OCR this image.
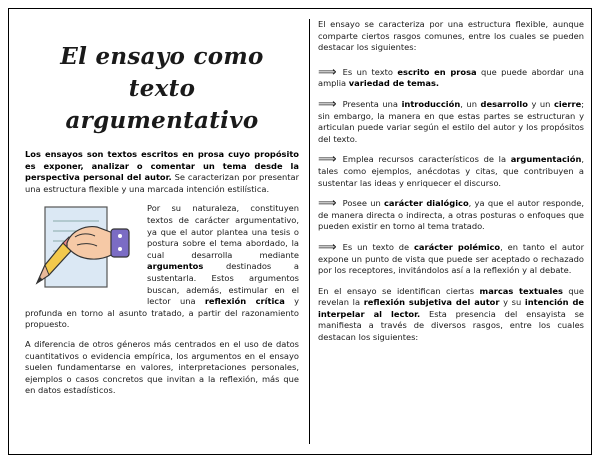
El ensayo como texto
argumentativo

Los ensayos son textos escritos en prosa cuyo propósito es exponer, analizar o comentar un tema desde la perspectiva personal del autor. Se caracterizan por presentar una estructura flexible y una marcada intención estilística.

Por su naturaleza, constituyen textos de carácter argumentativo, ya que el autor plantea una tesis o postura sobre el tema abordado, la cual desarrolla mediante argumentos destinados a sustentarla. Estos argumentos buscan, además, estimular en el lector una reflexión crítica y profunda en torno al asunto tratado, a partir del razonamiento propuesto.

A diferencia de otros géneros más centrados en el uso de datos cuantitativos o evidencia empírica, los argumentos en el ensayo suelen fundamentarse en valores, interpretaciones personales, ejemplos o casos concretos que invitan a la reflexión, más que en datos estadísticos.

El ensayo se caracteriza por una estructura flexible, aunque comparte ciertos rasgos comunes, entre los cuales se pueden destacar los siguientes:

⟹ Es un texto escrito en prosa que puede abordar una amplia variedad de temas.

⟹ Presenta una introducción, un desarrollo y un cierre; sin embargo, la manera en que estas partes se estructuran y articulan puede variar según el estilo del autor y los propósitos del texto.

⟹ Emplea recursos característicos de la argumentación, tales como ejemplos, anécdotas y citas, que contribuyen a sustentar las ideas y enriquecer el discurso.

⟹ Posee un carácter dialógico, ya que el autor responde, de manera directa o indirecta, a otras posturas o enfoques que pueden existir en torno al tema tratado.

⟹ Es un texto de carácter polémico, en tanto el autor expone un punto de vista que puede ser aceptado o rechazado por los receptores, invitándolos así a la reflexión y al debate.

En el ensayo se identifican ciertas marcas textuales que revelan la reflexión subjetiva del autor y su intención de interpelar al lector. Esta presencia del ensayista se manifiesta a través de diversos rasgos, entre los cuales destacan los siguientes:
